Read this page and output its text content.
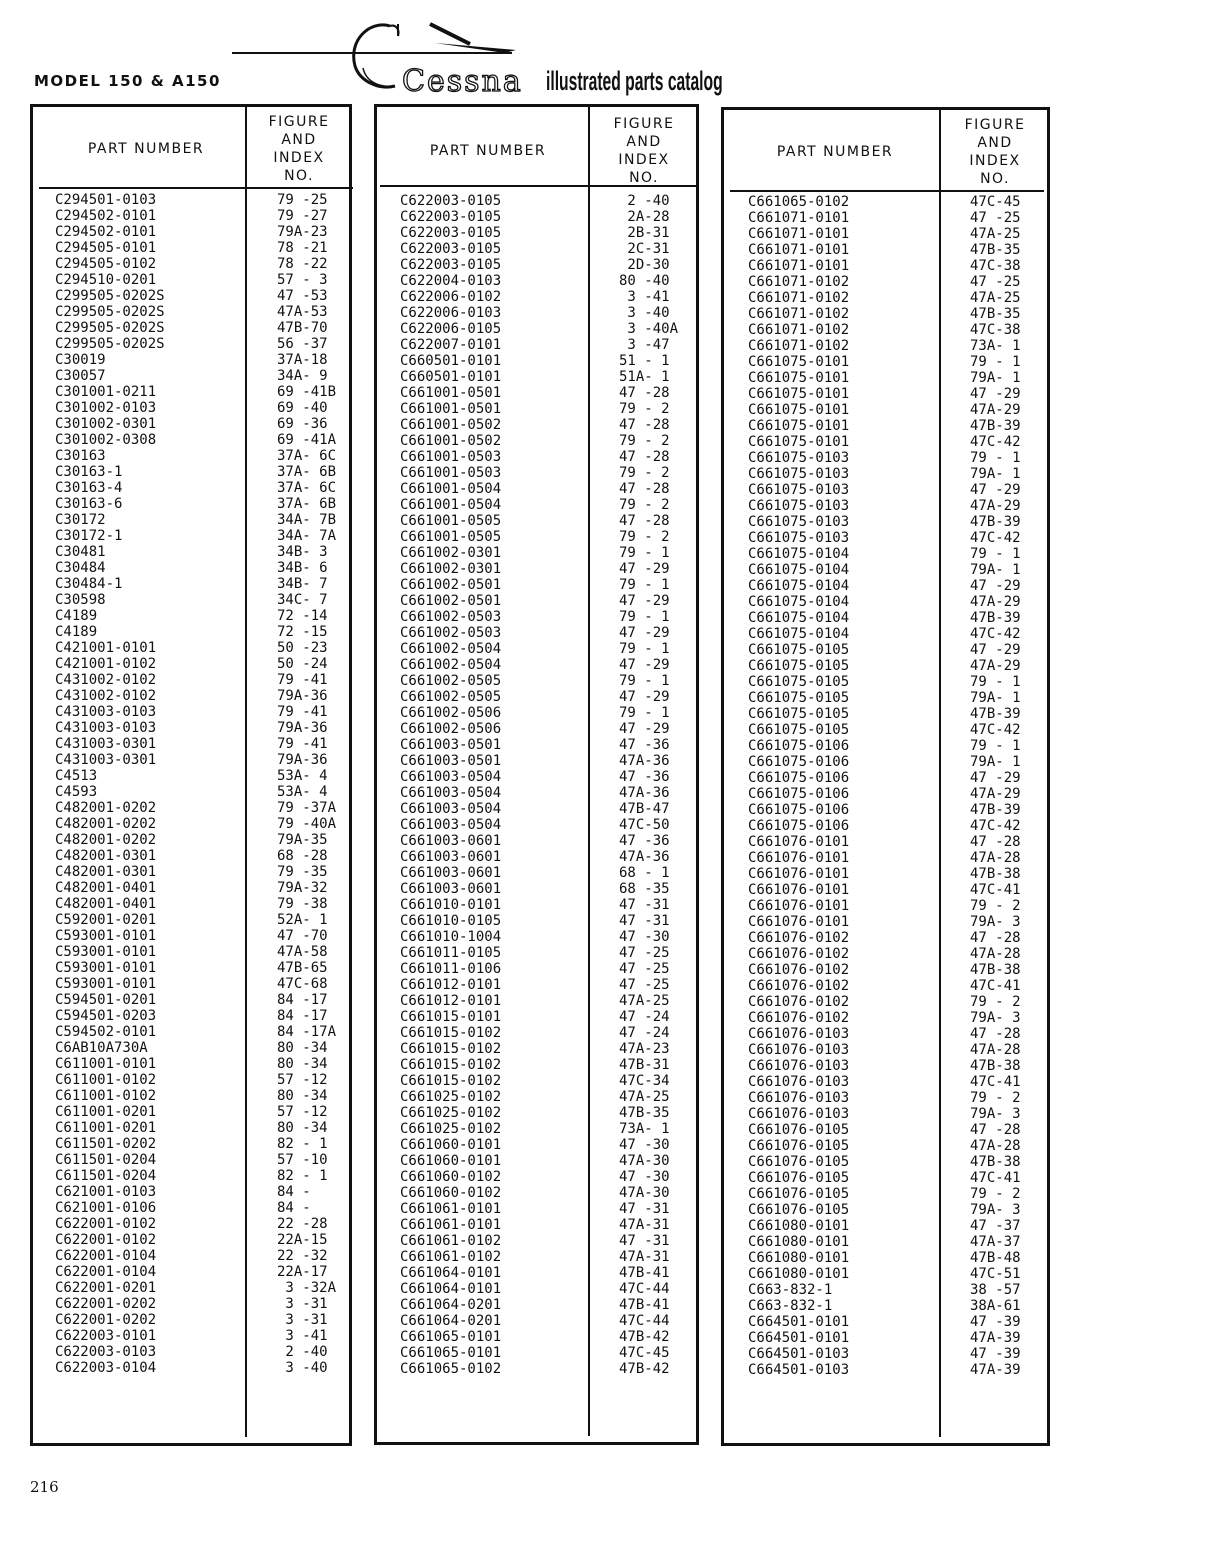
MODEL 150 & A150	Cessna illustrated parts catalog
PART NUMBER
FIGURE
AND
INDEX
NO.
C294501-0103	79 -25
C294502-0101	79 -27
C294502-0101	79A-23
C294505-0101	78 -21
C294505-0102	78 -22
C294510-0201	57 - 3
C299505-0202S	47 -53
C299505-0202S	47A-53
C299505-0202S	47B-70
C299505-0202S	56 -37
C30019	37A-18
C30057	34A- 9
C301001-0211	69 -41B
C301002-0103	69 -40
C301002-0301	69 -36
C301002-0308	69 -41A
C30163	37A- 6C
C30163-1	37A- 6B
C30163-4	37A- 6C
C30163-6	37A- 6B
C30172	34A- 7B
C30172-1	34A- 7A
C30481	34B- 3
C30484	34B- 6
C30484-1	34B- 7
C30598	34C- 7
C4189	72 -14
C4189	72 -15
C421001-0101	50 -23
C421001-0102	50 -24
C431002-0102	79 -41
C431002-0102	79A-36
C431003-0103	79 -41
C431003-0103	79A-36
C431003-0301	79 -41
C431003-0301	79A-36
C4513	53A- 4
C4593	53A- 4
C482001-0202	79 -37A
C482001-0202	79 -40A
C482001-0202	79A-35
C482001-0301	68 -28
C482001-0301	79 -35
C482001-0401	79A-32
C482001-0401	79 -38
C592001-0201	52A- 1
C593001-0101	47 -70
C593001-0101	47A-58
C593001-0101	47B-65
C593001-0101	47C-68
C594501-0201	84 -17
C594501-0203	84 -17
C594502-0101	84 -17A
C6AB10A730A	80 -34
C611001-0101	80 -34
C611001-0102	57 -12
C611001-0102	80 -34
C611001-0201	57 -12
C611001-0201	80 -34
C611501-0202	82 - 1
C611501-0204	57 -10
C611501-0204	82 - 1
C621001-0103	84 -
C621001-0106	84 -
C622001-0102	22 -28
C622001-0102	22A-15
C622001-0104	22 -32
C622001-0104	22A-17
C622001-0201	3 -32A
C622001-0202	3 -31
C622001-0202	3 -31
C622003-0101	3 -41
C622003-0103	2 -40
C622003-0104	3 -40
PART NUMBER
FIGURE
AND
INDEX
NO.
C622003-0105	2 -40
C622003-0105	2A-28
C622003-0105	2B-31
C622003-0105	2C-31
C622003-0105	2D-30
C622004-0103	80 -40
C622006-0102	3 -41
C622006-0103	3 -40
C622006-0105	3 -40A
C622007-0101	3 -47
C660501-0101	51 - 1
C660501-0101	51A- 1
C661001-0501	47 -28
C661001-0501	79 - 2
C661001-0502	47 -28
C661001-0502	79 - 2
C661001-0503	47 -28
C661001-0503	79 - 2
C661001-0504	47 -28
C661001-0504	79 - 2
C661001-0505	47 -28
C661001-0505	79 - 2
C661002-0301	79 - 1
C661002-0301	47 -29
C661002-0501	79 - 1
C661002-0501	47 -29
C661002-0503	79 - 1
C661002-0503	47 -29
C661002-0504	79 - 1
C661002-0504	47 -29
C661002-0505	79 - 1
C661002-0505	47 -29
C661002-0506	79 - 1
C661002-0506	47 -29
C661003-0501	47 -36
C661003-0501	47A-36
C661003-0504	47 -36
C661003-0504	47A-36
C661003-0504	47B-47
C661003-0504	47C-50
C661003-0601	47 -36
C661003-0601	47A-36
C661003-0601	68 - 1
C661003-0601	68 -35
C661010-0101	47 -31
C661010-0105	47 -31
C661010-1004	47 -30
C661011-0105	47 -25
C661011-0106	47 -25
C661012-0101	47 -25
C661012-0101	47A-25
C661015-0101	47 -24
C661015-0102	47 -24
C661015-0102	47A-23
C661015-0102	47B-31
C661015-0102	47C-34
C661025-0102	47A-25
C661025-0102	47B-35
C661025-0102	73A- 1
C661060-0101	47 -30
C661060-0101	47A-30
C661060-0102	47 -30
C661060-0102	47A-30
C661061-0101	47 -31
C661061-0101	47A-31
C661061-0102	47 -31
C661061-0102	47A-31
C661064-0101	47B-41
C661064-0101	47C-44
C661064-0201	47B-41
C661064-0201	47C-44
C661065-0101	47B-42
C661065-0101	47C-45
C661065-0102	47B-42
PART NUMBER
FIGURE
AND
INDEX
NO.
C661065-0102	47C-45
C661071-0101	47 -25
C661071-0101	47A-25
C661071-0101	47B-35
C661071-0101	47C-38
C661071-0102	47 -25
C661071-0102	47A-25
C661071-0102	47B-35
C661071-0102	47C-38
C661071-0102	73A- 1
C661075-0101	79 - 1
C661075-0101	79A- 1
C661075-0101	47 -29
C661075-0101	47A-29
C661075-0101	47B-39
C661075-0101	47C-42
C661075-0103	79 - 1
C661075-0103	79A- 1
C661075-0103	47 -29
C661075-0103	47A-29
C661075-0103	47B-39
C661075-0103	47C-42
C661075-0104	79 - 1
C661075-0104	79A- 1
C661075-0104	47 -29
C661075-0104	47A-29
C661075-0104	47B-39
C661075-0104	47C-42
C661075-0105	47 -29
C661075-0105	47A-29
C661075-0105	79 - 1
C661075-0105	79A- 1
C661075-0105	47B-39
C661075-0105	47C-42
C661075-0106	79 - 1
C661075-0106	79A- 1
C661075-0106	47 -29
C661075-0106	47A-29
C661075-0106	47B-39
C661075-0106	47C-42
C661076-0101	47 -28
C661076-0101	47A-28
C661076-0101	47B-38
C661076-0101	47C-41
C661076-0101	79 - 2
C661076-0101	79A- 3
C661076-0102	47 -28
C661076-0102	47A-28
C661076-0102	47B-38
C661076-0102	47C-41
C661076-0102	79 - 2
C661076-0102	79A- 3
C661076-0103	47 -28
C661076-0103	47A-28
C661076-0103	47B-38
C661076-0103	47C-41
C661076-0103	79 - 2
C661076-0103	79A- 3
C661076-0105	47 -28
C661076-0105	47A-28
C661076-0105	47B-38
C661076-0105	47C-41
C661076-0105	79 - 2
C661076-0105	79A- 3
C661080-0101	47 -37
C661080-0101	47A-37
C661080-0101	47B-48
C661080-0101	47C-51
C663-832-1	38 -57
C663-832-1	38A-61
C664501-0101	47 -39
C664501-0101	47A-39
C664501-0103	47 -39
C664501-0103	47A-39
216
